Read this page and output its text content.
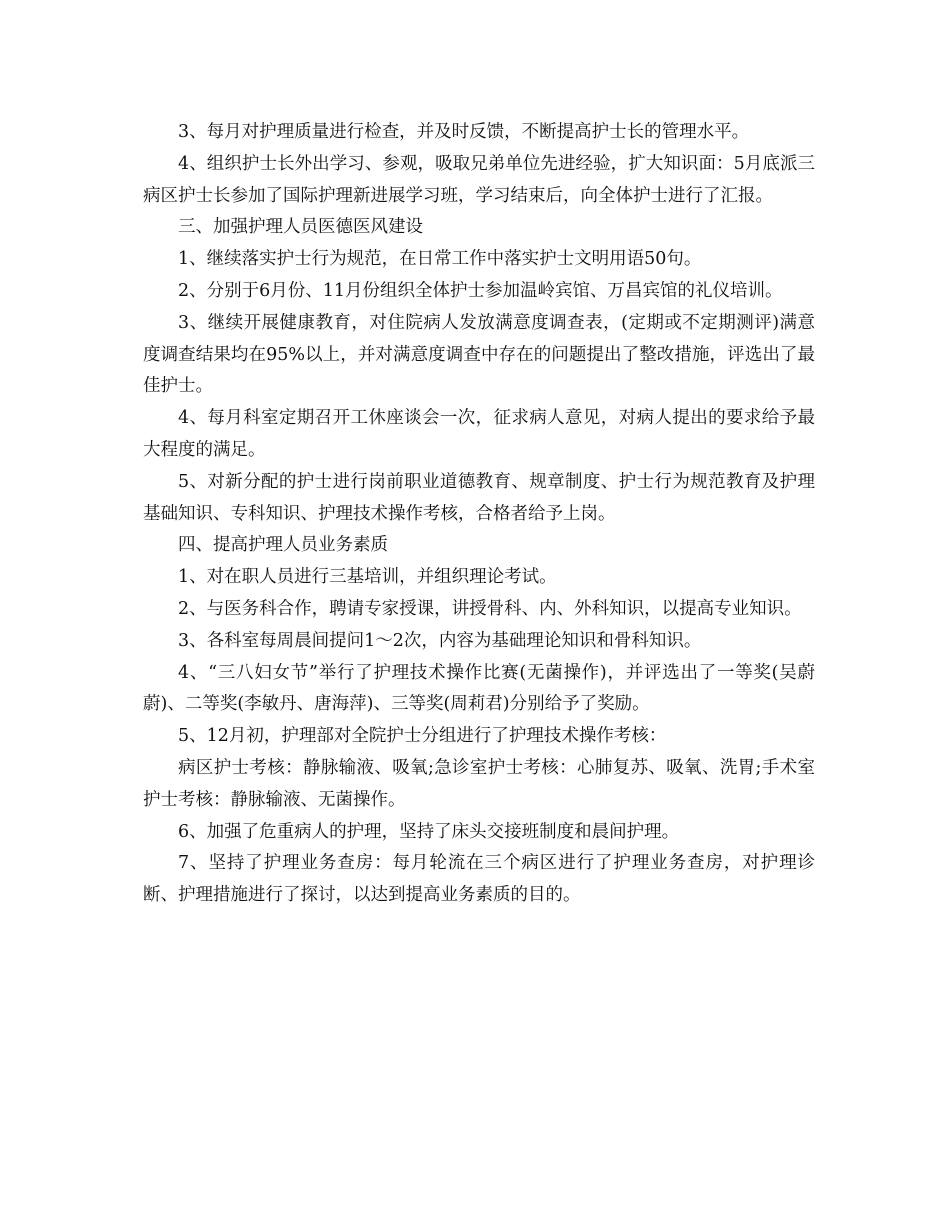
3、每月对护理质量进行检查，并及时反馈，不断提高护士长的管理水平。

4、组织护士长外出学习、参观，吸取兄弟单位先进经验，扩大知识面：5月底派三病区护士长参加了国际护理新进展学习班，学习结束后，向全体护士进行了汇报。

三、加强护理人员医德医风建设

1、继续落实护士行为规范，在日常工作中落实护士文明用语50句。

2、分别于6月份、11月份组织全体护士参加温岭宾馆、万昌宾馆的礼仪培训。

3、继续开展健康教育，对住院病人发放满意度调查表，(定期或不定期测评)满意度调查结果均在95%以上，并对满意度调查中存在的问题提出了整改措施，评选出了最佳护士。

4、每月科室定期召开工休座谈会一次，征求病人意见，对病人提出的要求给予最大程度的满足。

5、对新分配的护士进行岗前职业道德教育、规章制度、护士行为规范教育及护理基础知识、专科知识、护理技术操作考核，合格者给予上岗。

四、提高护理人员业务素质

1、对在职人员进行三基培训，并组织理论考试。

2、与医务科合作，聘请专家授课，讲授骨科、内、外科知识，以提高专业知识。

3、各科室每周晨间提问1～2次，内容为基础理论知识和骨科知识。

4、“三八妇女节”举行了护理技术操作比赛(无菌操作)，并评选出了一等奖(吴蔚蔚)、二等奖(李敏丹、唐海萍)、三等奖(周莉君)分别给予了奖励。

5、12月初，护理部对全院护士分组进行了护理技术操作考核：

病区护士考核：静脉输液、吸氧;急诊室护士考核：心肺复苏、吸氧、洗胃;手术室护士考核：静脉输液、无菌操作。

6、加强了危重病人的护理，坚持了床头交接班制度和晨间护理。

7、坚持了护理业务查房：每月轮流在三个病区进行了护理业务查房，对护理诊断、护理措施进行了探讨，以达到提高业务素质的目的。
